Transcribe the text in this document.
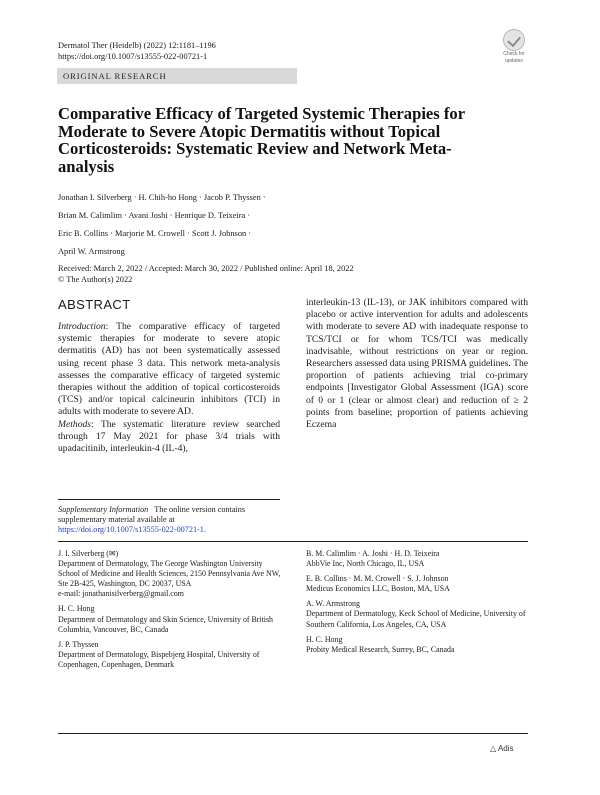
Dermatol Ther (Heidelb) (2022) 12:1181–1196
https://doi.org/10.1007/s13555-022-00721-1	Check for
updates
ORIGINAL RESEARCH
Comparative Efficacy of Targeted Systemic Therapies for Moderate to Severe Atopic Dermatitis without Topical Corticosteroids: Systematic Review and Network Meta-analysis
Jonathan I. Silverberg · H. Chih-ho Hong · Jacob P. Thyssen ·
Brian M. Calimlim · Avani Joshi · Henrique D. Teixeira ·
Eric B. Collins · Marjorie M. Crowell · Scott J. Johnson ·
April W. Armstrong
Received: March 2, 2022 / Accepted: March 30, 2022 / Published online: April 18, 2022
© The Author(s) 2022
ABSTRACT

Introduction: The comparative efficacy of targeted systemic therapies for moderate to severe atopic dermatitis (AD) has not been systematically assessed using recent phase 3 data. This network meta-analysis assesses the comparative efficacy of targeted systemic therapies without the addition of topical corticosteroids (TCS) and/or topical calcineurin inhibitors (TCI) in adults with moderate to severe AD.

Methods: The systematic literature review searched through 17 May 2021 for phase 3/4 trials with upadacitinib, interleukin-4 (IL-4),

interleukin-13 (IL-13), or JAK inhibitors compared with placebo or active intervention for adults and adolescents with moderate to severe AD with inadequate response to TCS/TCI or for whom TCS/TCI was medically inadvisable, without restrictions on year or region. Researchers assessed data using PRISMA guidelines. The proportion of patients achieving trial co-primary endpoints [Investigator Global Assessment (IGA) score of 0 or 1 (clear or almost clear) and reduction of ≥ 2 points from baseline; proportion of patients achieving Eczema

Supplementary Information The online version contains supplementary material available at https://doi.org/10.1007/s13555-022-00721-1.

J. I. Silverberg (✉)
Department of Dermatology, The George Washington University School of Medicine and Health Sciences, 2150 Pennsylvania Ave NW, Ste 2B-425, Washington, DC 20037, USA
e-mail: jonathanisilverberg@gmail.com

H. C. Hong
Department of Dermatology and Skin Science, University of British Columbia, Vancouver, BC, Canada

J. P. Thyssen
Department of Dermatology, Bispebjerg Hospital, University of Copenhagen, Copenhagen, Denmark

B. M. Calimlim · A. Joshi · H. D. Teixeira
AbbVie Inc, North Chicago, IL, USA

E. B. Collins · M. M. Crowell · S. J. Johnson
Medicus Economics LLC, Boston, MA, USA

A. W. Armstrong
Department of Dermatology, Keck School of Medicine, University of Southern California, Los Angeles, CA, USA

H. C. Hong
Probity Medical Research, Surrey, BC, Canada

△ Adis
